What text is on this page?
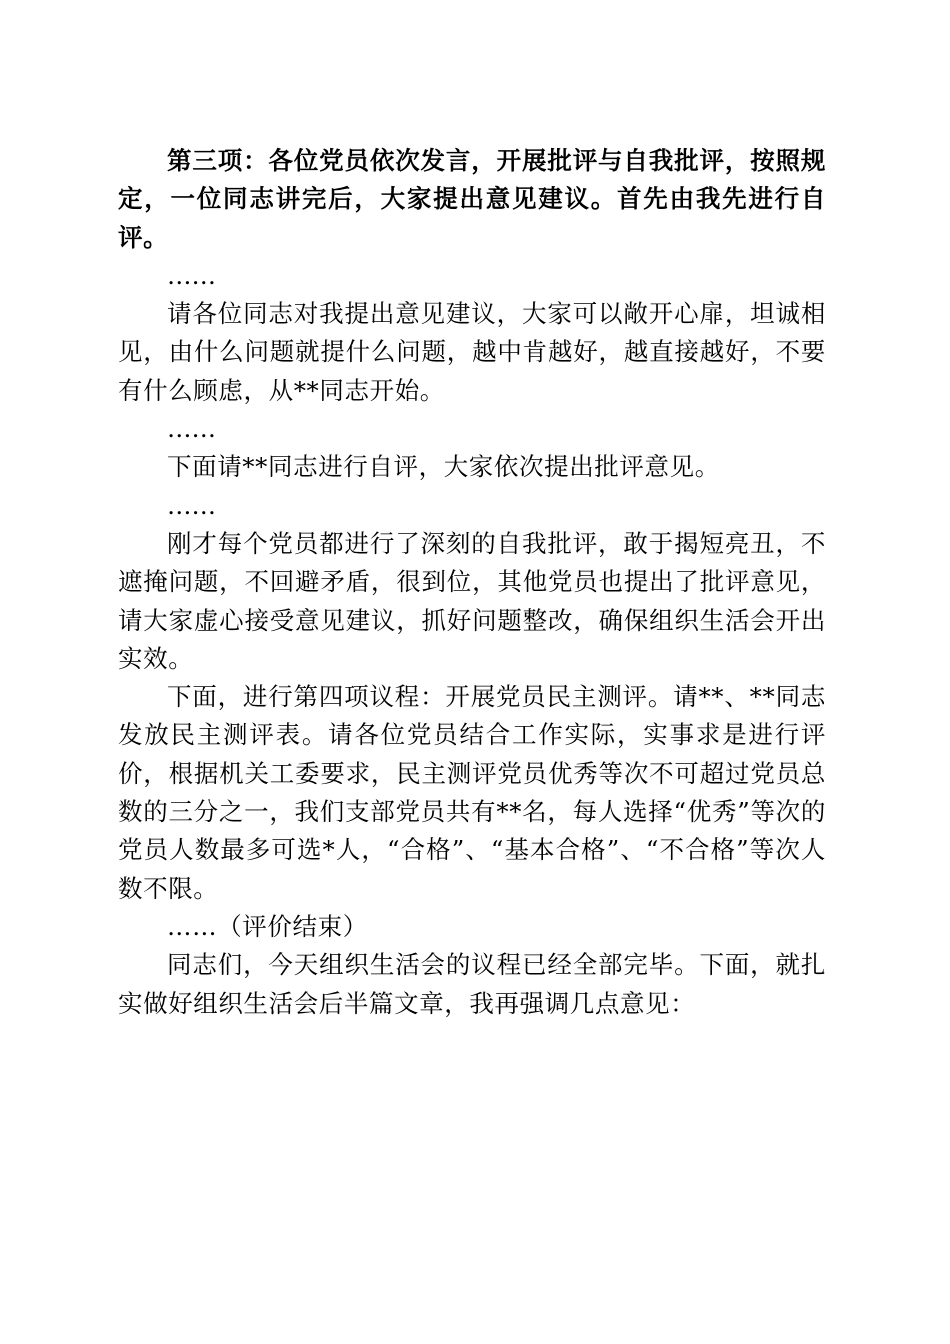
第三项：各位党员依次发言，开展批评与自我批评，按照规定，一位同志讲完后，大家提出意见建议。首先由我先进行自评。

……

请各位同志对我提出意见建议，大家可以敞开心扉，坦诚相见，由什么问题就提什么问题，越中肯越好，越直接越好，不要有什么顾虑，从**同志开始。

……

下面请**同志进行自评，大家依次提出批评意见。

……

刚才每个党员都进行了深刻的自我批评，敢于揭短亮丑，不遮掩问题，不回避矛盾，很到位，其他党员也提出了批评意见，请大家虚心接受意见建议，抓好问题整改，确保组织生活会开出实效。

下面，进行第四项议程：开展党员民主测评。请**、**同志发放民主测评表。请各位党员结合工作实际，实事求是进行评价，根据机关工委要求，民主测评党员优秀等次不可超过党员总数的三分之一，我们支部党员共有**名，每人选择“优秀”等次的党员人数最多可选*人，“合格”、“基本合格”、“不合格”等次人数不限。

……（评价结束）

同志们，今天组织生活会的议程已经全部完毕。下面，就扎实做好组织生活会后半篇文章，我再强调几点意见：
